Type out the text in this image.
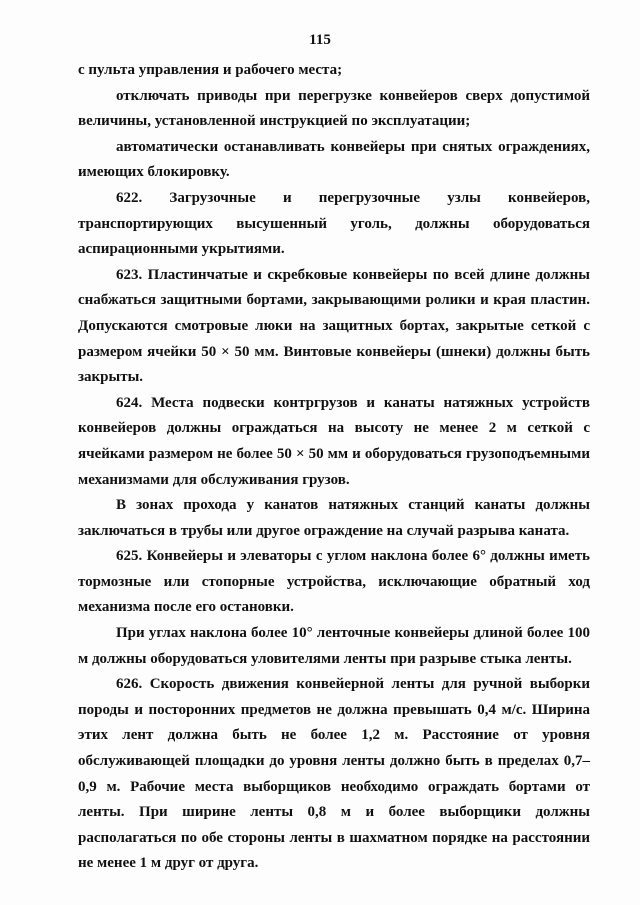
115

с пульта управления и рабочего места;

отключать приводы при перегрузке конвейеров сверх допустимой величины, установленной инструкцией по эксплуатации;

автоматически останавливать конвейеры при снятых ограждениях, имеющих блокировку.

622. Загрузочные и перегрузочные узлы конвейеров, транспортирующих высушенный уголь, должны оборудоваться аспирационными укрытиями.

623. Пластинчатые и скребковые конвейеры по всей длине должны снабжаться защитными бортами, закрывающими ролики и края пластин. Допускаются смотровые люки на защитных бортах, закрытые сеткой с размером ячейки 50 × 50 мм. Винтовые конвейеры (шнеки) должны быть закрыты.

624. Места подвески контргрузов и канаты натяжных устройств конвейеров должны ограждаться на высоту не менее 2 м сеткой с ячейками размером не более 50 × 50 мм и оборудоваться грузоподъемными механизмами для обслуживания грузов.

В зонах прохода у канатов натяжных станций канаты должны заключаться в трубы или другое ограждение на случай разрыва каната.

625. Конвейеры и элеваторы с углом наклона более 6° должны иметь тормозные или стопорные устройства, исключающие обратный ход механизма после его остановки.

При углах наклона более 10° ленточные конвейеры длиной более 100 м должны оборудоваться уловителями ленты при разрыве стыка ленты.

626. Скорость движения конвейерной ленты для ручной выборки породы и посторонних предметов не должна превышать 0,4 м/с. Ширина этих лент должна быть не более 1,2 м. Расстояние от уровня обслуживающей площадки до уровня ленты должно быть в пределах 0,7–0,9 м. Рабочие места выборщиков необходимо ограждать бортами от ленты. При ширине ленты 0,8 м и более выборщики должны располагаться по обе стороны ленты в шахматном порядке на расстоянии не менее 1 м друг от друга.
